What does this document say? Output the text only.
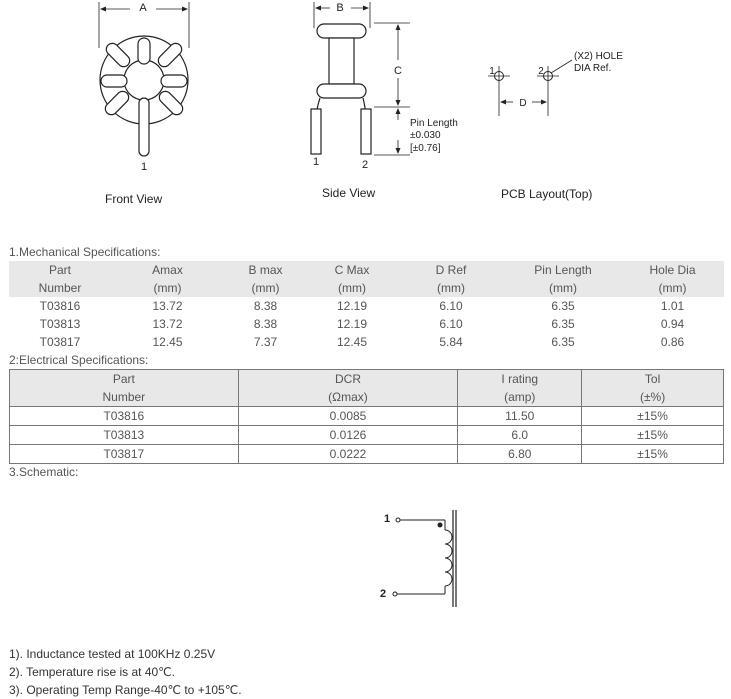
A
1
B
C
Pin Length
±0.030
[±0.76]
1	2
(X2) HOLE
DIA Ref.
1	2
D
Front View	Side View	PCB Layout(Top)
1.Mechanical Specifications:
Part	Amax	B max	C Max	D Ref	Pin Length	Hole Dia
Number	(mm)	(mm)	(mm)	(mm)	(mm)	(mm)
T03816	13.72	8.38	12.19	6.10	6.35	1.01
T03813	13.72	8.38	12.19	6.10	6.35	0.94
T03817	12.45	7.37	12.45	5.84	6.35	0.86
2:Electrical Specifications:
Part	DCR	I rating	Tol
Number	(Ωmax)	(amp)	(±%)
T03816	0.0085	11.50	±15%
T03813	0.0126	6.0	±15%
T03817	0.0222	6.80	±15%
3.Schematic:
1
2
1). Inductance tested at 100KHz 0.25V
2). Temperature rise is at 40℃.
3). Operating Temp Range-40℃ to +105℃.
